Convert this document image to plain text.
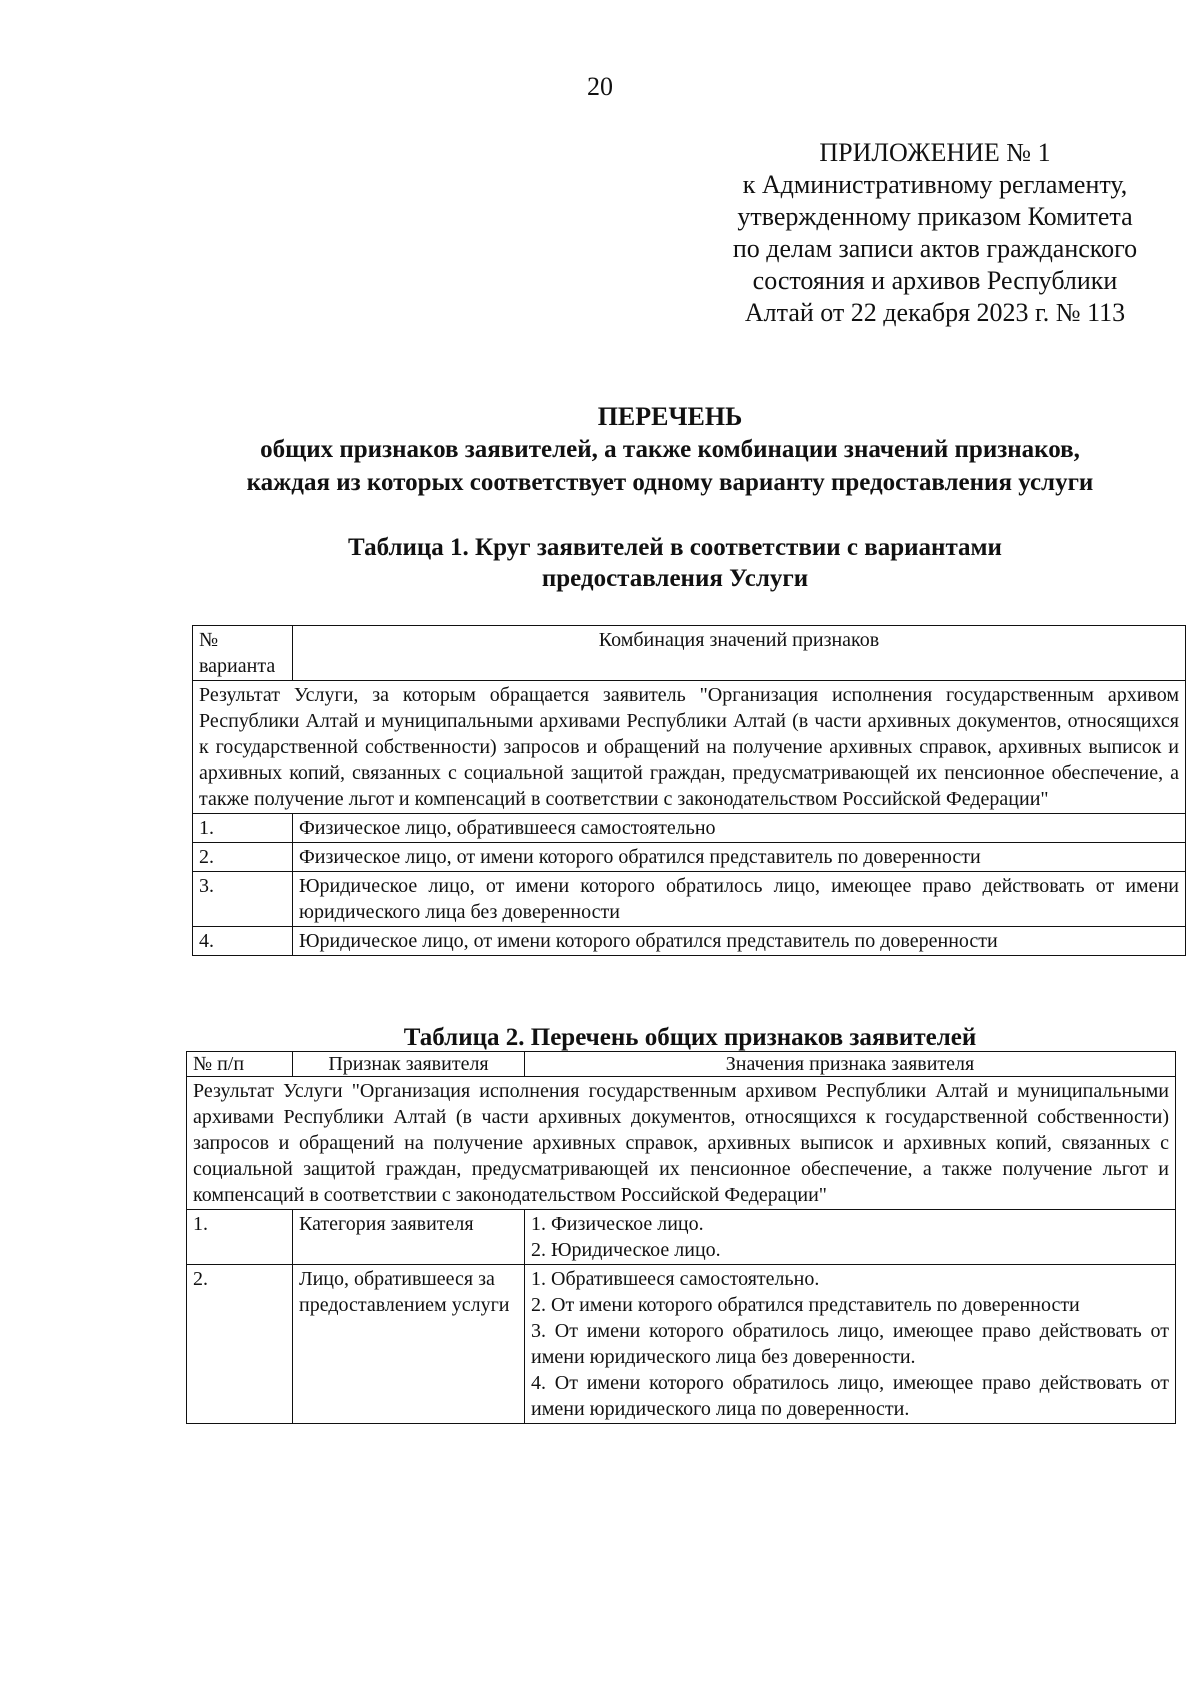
20
ПРИЛОЖЕНИЕ № 1
к Административному регламенту,
утвержденному приказом Комитета
по делам записи актов гражданского
состояния и архивов Республики
Алтай от 22 декабря 2023 г. № 113
ПЕРЕЧЕНЬ
общих признаков заявителей, а также комбинации значений признаков,
каждая из которых соответствует одному варианту предоставления услуги
Таблица 1. Круг заявителей в соответствии с вариантами
предоставления Услуги
№ варианта	Комбинация значений признаков
Результат Услуги, за которым обращается заявитель "Организация исполнения государственным архивом Республики Алтай и муниципальными архивами Республики Алтай (в части архивных документов, относящихся к государственной собственности) запросов и обращений на получение архивных справок, архивных выписок и архивных копий, связанных с социальной защитой граждан, предусматривающей их пенсионное обеспечение, а также получение льгот и компенсаций в соответствии с законодательством Российской Федерации"	
1.	Физическое лицо, обратившееся самостоятельно
2.	Физическое лицо, от имени которого обратился представитель по доверенности
3.	Юридическое лицо, от имени которого обратилось лицо, имеющее право действовать от имени юридического лица без доверенности
4.	Юридическое лицо, от имени которого обратился представитель по доверенности
Таблица 2. Перечень общих признаков заявителей
№ п/п	Признак заявителя	Значения признака заявителя
Результат Услуги "Организация исполнения государственным архивом Республики Алтай и муниципальными архивами Республики Алтай (в части архивных документов, относящихся к государственной собственности) запросов и обращений на получение архивных справок, архивных выписок и архивных копий, связанных с социальной защитой граждан, предусматривающей их пенсионное обеспечение, а также получение льгот и компенсаций в соответствии с законодательством Российской Федерации"		
1.	Категория заявителя	1. Физическое лицо.
2. Юридическое лицо.

2.	Лицо, обратившееся за предоставлением услуги	1. Обратившееся самостоятельно.
2. От имени которого обратился представитель по доверенности
3. От имени которого обратилось лицо, имеющее право действовать от имени юридического лица без доверенности.
4. От имени которого обратилось лицо, имеющее право действовать от имени юридического лица по доверенности.
